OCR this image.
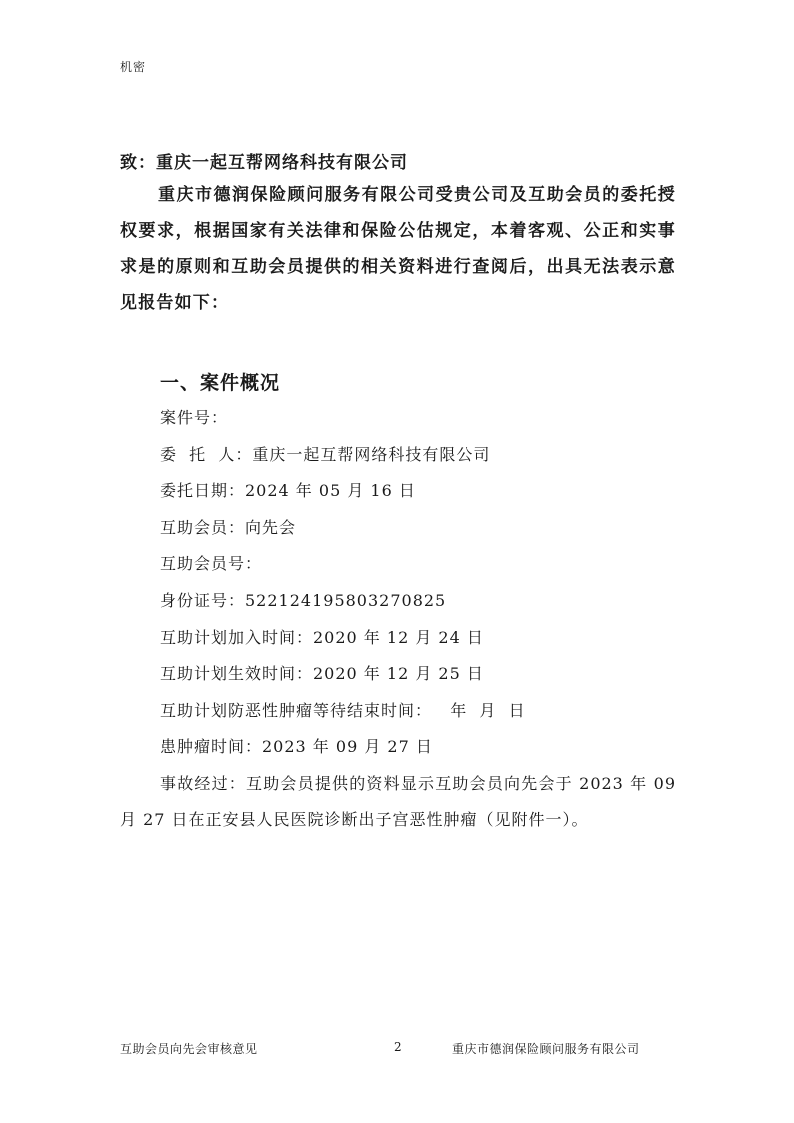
机密
致：重庆一起互帮网络科技有限公司

重庆市德润保险顾问服务有限公司受贵公司及互助会员的委托授权要求，根据国家有关法律和保险公估规定，本着客观、公正和实事求是的原则和互助会员提供的相关资料进行查阅后，出具无法表示意见报告如下：

一、案件概况
案件号：
委  托  人：重庆一起互帮网络科技有限公司
委托日期：2024 年 05 月 16 日
互助会员：向先会
互助会员号：
身份证号：522124195803270825
互助计划加入时间：2020 年 12 月 24 日
互助计划生效时间：2020 年 12 月 25 日
互助计划防恶性肿瘤等待结束时间：   年  月  日
患肿瘤时间：2023 年 09 月 27 日

事故经过：互助会员提供的资料显示互助会员向先会于 2023 年 09 月 27 日在正安县人民医院诊断出子宫恶性肿瘤（见附件一）。

互助会员向先会审核意见	2	重庆市德润保险顾问服务有限公司
